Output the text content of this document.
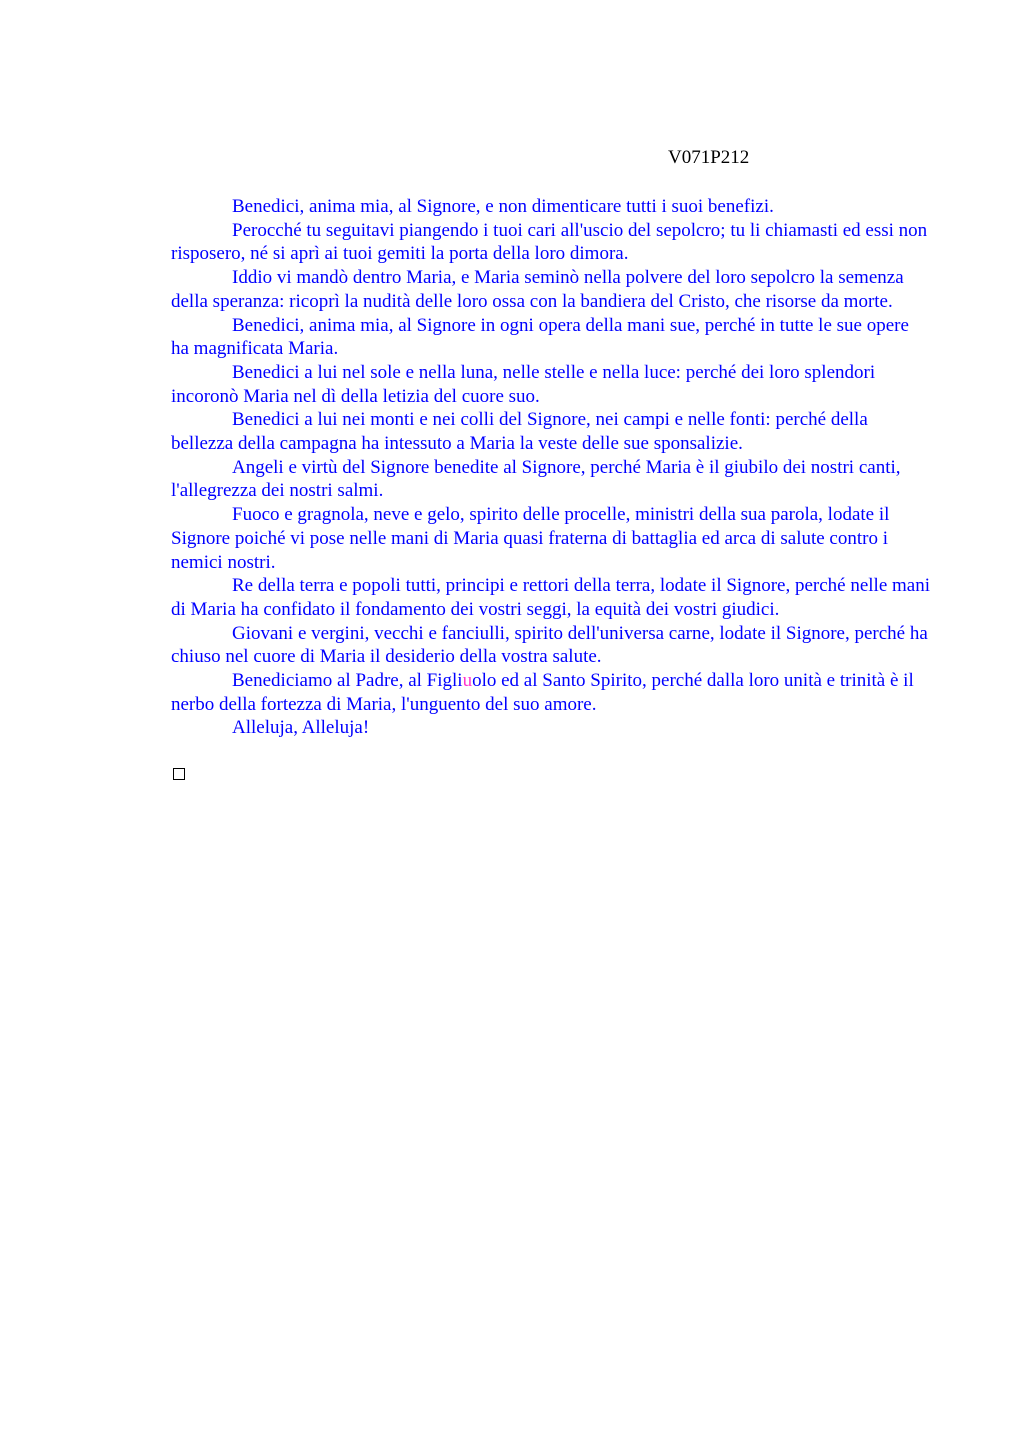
V071P212

Benedici, anima mia, al Signore, e non dimenticare tutti i suoi benefizi.

Perocché tu seguitavi piangendo i tuoi cari all'uscio del sepolcro; tu li chiamasti ed essi non risposero, né si aprì ai tuoi gemiti la porta della loro dimora.

Iddio vi mandò dentro Maria, e Maria seminò nella polvere del loro sepolcro la semenza della speranza: ricoprì la nudità delle loro ossa con la bandiera del Cristo, che risorse da morte.

Benedici, anima mia, al Signore in ogni opera della mani sue, perché in tutte le sue opere ha magnificata Maria.

Benedici a lui nel sole e nella luna, nelle stelle e nella luce: perché dei loro splendori incoronò Maria nel dì della letizia del cuore suo.

Benedici a lui nei monti e nei colli del Signore, nei campi e nelle fonti: perché della bellezza della campagna ha intessuto a Maria la veste delle sue sponsalizie.

Angeli e virtù del Signore benedite al Signore, perché Maria è il giubilo dei nostri canti, l'allegrezza dei nostri salmi.

Fuoco e gragnola, neve e gelo, spirito delle procelle, ministri della sua parola, lodate il Signore poiché vi pose nelle mani di Maria quasi fraterna di battaglia ed arca di salute contro i nemici nostri.

Re della terra e popoli tutti, principi e rettori della terra, lodate il Signore, perché nelle mani di Maria ha confidato il fondamento dei vostri seggi, la equità dei vostri giudici.

Giovani e vergini, vecchi e fanciulli, spirito dell'universa carne, lodate il Signore, perché ha chiuso nel cuore di Maria il desiderio della vostra salute.

Benediciamo al Padre, al Figliuolo ed al Santo Spirito, perché dalla loro unità e trinità è il nerbo della fortezza di Maria, l'unguento del suo amore.

Alleluja, Alleluja!
